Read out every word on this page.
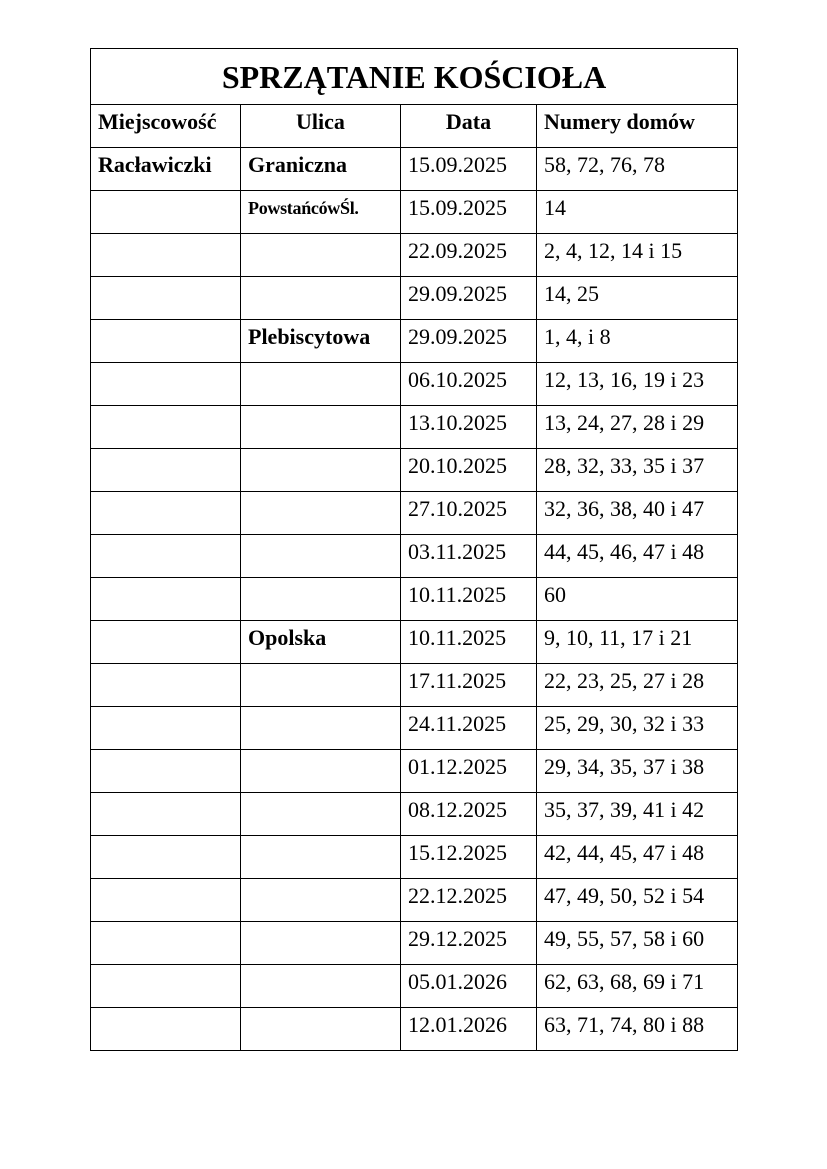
SPRZĄTANIE KOŚCIOŁA			
Miejscowość	Ulica	Data	Numery domów
Racławiczki	Graniczna	15.09.2025	58, 72, 76, 78
	PowstańcówŚl.	15.09.2025	14
		22.09.2025	2, 4, 12, 14 i 15
		29.09.2025	14, 25
	Plebiscytowa	29.09.2025	1, 4, i 8
		06.10.2025	12, 13, 16, 19 i 23
		13.10.2025	13, 24, 27, 28 i 29
		20.10.2025	28, 32, 33, 35 i 37
		27.10.2025	32, 36, 38, 40 i 47
		03.11.2025	44, 45, 46, 47 i 48
		10.11.2025	60
	Opolska	10.11.2025	9, 10, 11, 17 i 21
		17.11.2025	22, 23, 25, 27 i 28
		24.11.2025	25, 29, 30, 32 i 33
		01.12.2025	29, 34, 35, 37 i 38
		08.12.2025	35, 37, 39, 41 i 42
		15.12.2025	42, 44, 45, 47 i 48
		22.12.2025	47, 49, 50, 52 i 54
		29.12.2025	49, 55, 57, 58 i 60
		05.01.2026	62, 63, 68, 69 i 71
		12.01.2026	63, 71, 74, 80 i 88
